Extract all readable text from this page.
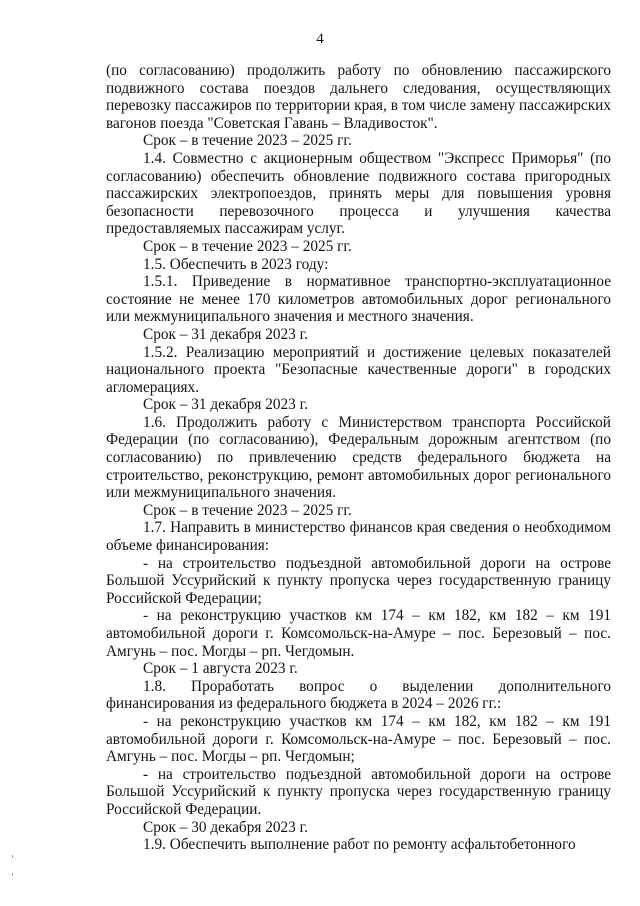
4

(по согласованию) продолжить работу по обновлению пассажирского подвижного состава поездов дальнего следования, осуществляющих перевозку пассажиров по территории края, в том числе замену пассажирских вагонов поезда "Советская Гавань – Владивосток".

Срок – в течение 2023 – 2025 гг.

1.4. Совместно с акционерным обществом "Экспресс Приморья" (по согласованию) обеспечить обновление подвижного состава пригородных пассажирских электропоездов, принять меры для повышения уровня безопасности перевозочного процесса и улучшения качества предоставляемых пассажирам услуг.

Срок – в течение 2023 – 2025 гг.

1.5. Обеспечить в 2023 году:

1.5.1. Приведение в нормативное транспортно-эксплуатационное состояние не менее 170 километров автомобильных дорог регионального или межмуниципального значения и местного значения.

Срок – 31 декабря 2023 г.

1.5.2. Реализацию мероприятий и достижение целевых показателей национального проекта "Безопасные качественные дороги" в городских агломерациях.

Срок – 31 декабря 2023 г.

1.6. Продолжить работу с Министерством транспорта Российской Федерации (по согласованию), Федеральным дорожным агентством (по согласованию) по привлечению средств федерального бюджета на строительство, реконструкцию, ремонт автомобильных дорог регионального или межмуниципального значения.

Срок – в течение 2023 – 2025 гг.

1.7. Направить в министерство финансов края сведения о необходимом объеме финансирования:

- на строительство подъездной автомобильной дороги на острове Большой Уссурийский к пункту пропуска через государственную границу Российской Федерации;

- на реконструкцию участков км 174 – км 182, км 182 – км 191 автомобильной дороги г. Комсомольск-на-Амуре – пос. Березовый – пос. Амгунь – пос. Могды – рп. Чегдомын.

Срок – 1 августа 2023 г.

1.8. Проработать вопрос о выделении дополнительного финансирования из федерального бюджета в 2024 – 2026 гг.:

- на реконструкцию участков км 174 – км 182, км 182 – км 191 автомобильной дороги г. Комсомольск-на-Амуре – пос. Березовый – пос. Амгунь – пос. Могды – рп. Чегдомын;

- на строительство подъездной автомобильной дороги на острове Большой Уссурийский к пункту пропуска через государственную границу Российской Федерации.

Срок – 30 декабря 2023 г.

1.9. Обеспечить выполнение работ по ремонту асфальтобетонного
